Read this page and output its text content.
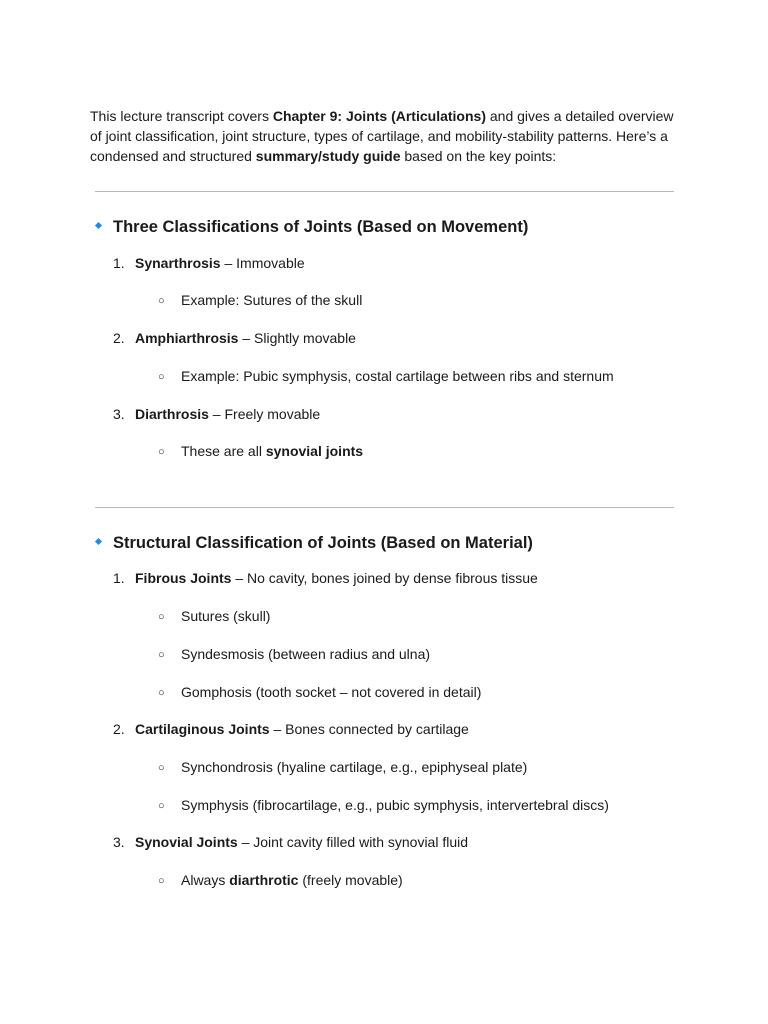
This lecture transcript covers Chapter 9: Joints (Articulations) and gives a detailed overview of joint classification, joint structure, types of cartilage, and mobility-stability patterns. Here’s a condensed and structured summary/study guide based on the key points:
Three Classifications of Joints (Based on Movement)
1. Synarthrosis – Immovable
○ Example: Sutures of the skull
2. Amphiarthrosis – Slightly movable
○ Example: Pubic symphysis, costal cartilage between ribs and sternum
3. Diarthrosis – Freely movable
○ These are all synovial joints
Structural Classification of Joints (Based on Material)
1. Fibrous Joints – No cavity, bones joined by dense fibrous tissue
○ Sutures (skull)
○ Syndesmosis (between radius and ulna)
○ Gomphosis (tooth socket – not covered in detail)
2. Cartilaginous Joints – Bones connected by cartilage
○ Synchondrosis (hyaline cartilage, e.g., epiphyseal plate)
○ Symphysis (fibrocartilage, e.g., pubic symphysis, intervertebral discs)
3. Synovial Joints – Joint cavity filled with synovial fluid
○ Always diarthrotic (freely movable)
